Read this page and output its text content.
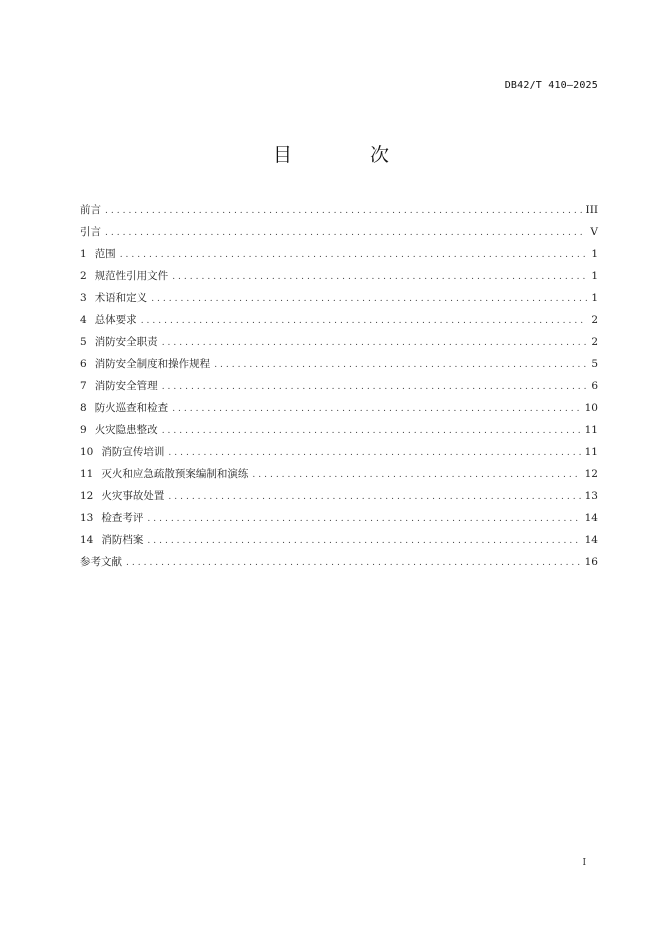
DB42/T 410—2025
目 次
前言 .....	III
引言 .....	V
1 范围 .....	1
2 规范性引用文件 .....	1
3 术语和定义 .....	1
4 总体要求 .....	2
5 消防安全职责 .....	2
6 消防安全制度和操作规程 .....	5
7 消防安全管理 .....	6
8 防火巡查和检查 .....	10
9 火灾隐患整改 .....	11
10 消防宣传培训 .....	11
11 灭火和应急疏散预案编制和演练 .....	12
12 火灾事故处置 .....	13
13 检查考评 .....	14
14 消防档案 .....	14
参考文献 .....	16
I
